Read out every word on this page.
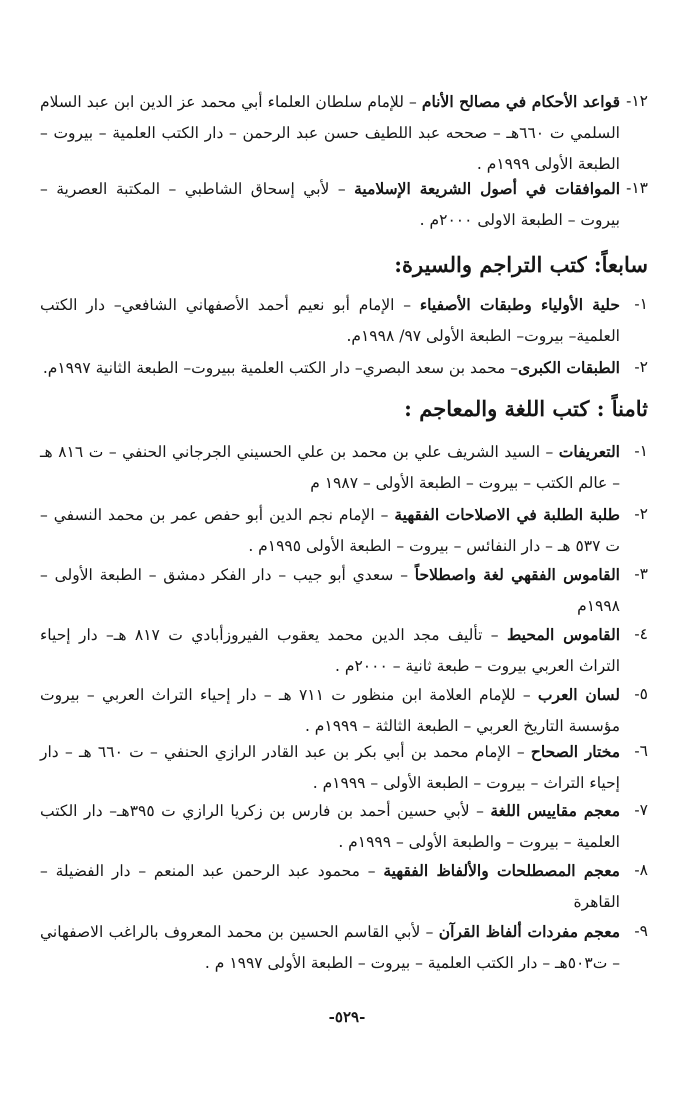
١٢-
قواعد الأحكام في مصالح الأنام – للإمام سلطان العلماء أبي محمد عز الدين ابن عبد السلام السلمي ت ٦٦٠هـ – صححه عبد اللطيف حسن عبد الرحمن – دار الكتب العلمية – بيروت – الطبعة الأولى ١٩٩٩م .
١٣-
الموافقات في أصول الشريعة الإسلامية – لأبي إسحاق الشاطبي – المكتبة العصرية – بيروت – الطبعة الاولى ٢٠٠٠م .
سابعاً: كتب التراجم والسيرة:
١-
حلية الأولياء وطبقات الأصفياء – الإمام أبو نعيم أحمد الأصفهاني الشافعي– دار الكتب العلمية– بيروت– الطبعة الأولى ٩٧/ ١٩٩٨م.
٢-
الطبقات الكبرى– محمد بن سعد البصري– دار الكتب العلمية ببيروت– الطبعة الثانية ١٩٩٧م.
ثامناً : كتب اللغة والمعاجم :
١-
التعريفات – السيد الشريف علي بن محمد بن علي الحسيني الجرجاني الحنفي – ت ٨١٦ هـ – عالم الكتب – بيروت – الطبعة الأولى – ١٩٨٧ م
٢-
طلبة الطلبة في الاصلاحات الفقهية – الإمام نجم الدين أبو حفص عمر بن محمد النسفي – ت ٥٣٧ هـ – دار النفائس – بيروت – الطبعة الأولى ١٩٩٥م .
٣-
القاموس الفقهي لغة واصطلاحاً – سعدي أبو جيب – دار الفكر دمشق – الطبعة الأولى – ١٩٩٨م
٤-
القاموس المحيط – تأليف مجد الدين محمد يعقوب الفيروزأبادي ت ٨١٧ هـ– دار إحياء التراث العربي بيروت – طبعة ثانية – ٢٠٠٠م .
٥-
لسان العرب – للإمام العلامة ابن منظور ت ٧١١ هـ – دار إحياء التراث العربي – بيروت مؤسسة التاريخ العربي – الطبعة الثالثة – ١٩٩٩م .
٦-
مختار الصحاح – الإمام محمد بن أبي بكر بن عبد القادر الرازي الحنفي – ت ٦٦٠ هـ – دار إحياء التراث – بيروت – الطبعة الأولى – ١٩٩٩م .
٧-
معجم مقاييس اللغة – لأبي حسين أحمد بن فارس بن زكريا الرازي ت ٣٩٥هـ– دار الكتب العلمية – بيروت – والطبعة الأولى – ١٩٩٩م .
٨-
معجم المصطلحات والألفاظ الفقهية – محمود عبد الرحمن عبد المنعم – دار الفضيلة – القاهرة
٩-
معجم مفردات ألفاظ القرآن – لأبي القاسم الحسين بن محمد المعروف بالراغب الاصفهاني – ت٥٠٣هـ – دار الكتب العلمية – بيروت – الطبعة الأولى ١٩٩٧ م .
-٥٢٩-
